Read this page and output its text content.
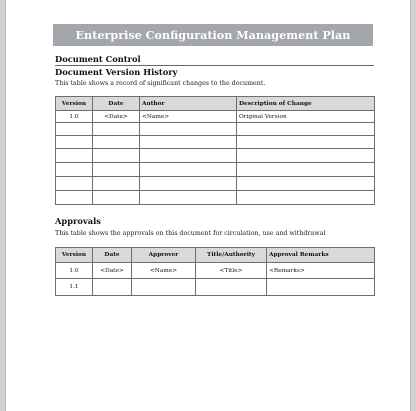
Enterprise Configuration Management Plan
Document Control
Document Version History
This table shows a record of significant changes to the document.
Version	Date	Author	Description of Change
1.0	<Date>	<Name>	Original Version

Approvals
This table shows the approvals on this document for circulation, use and withdrawal
Version	Date	Approver	Title/Authority	Approval Remarks
1.0	<Date>	<Name>	<Title>	<Remarks>
1.1				
